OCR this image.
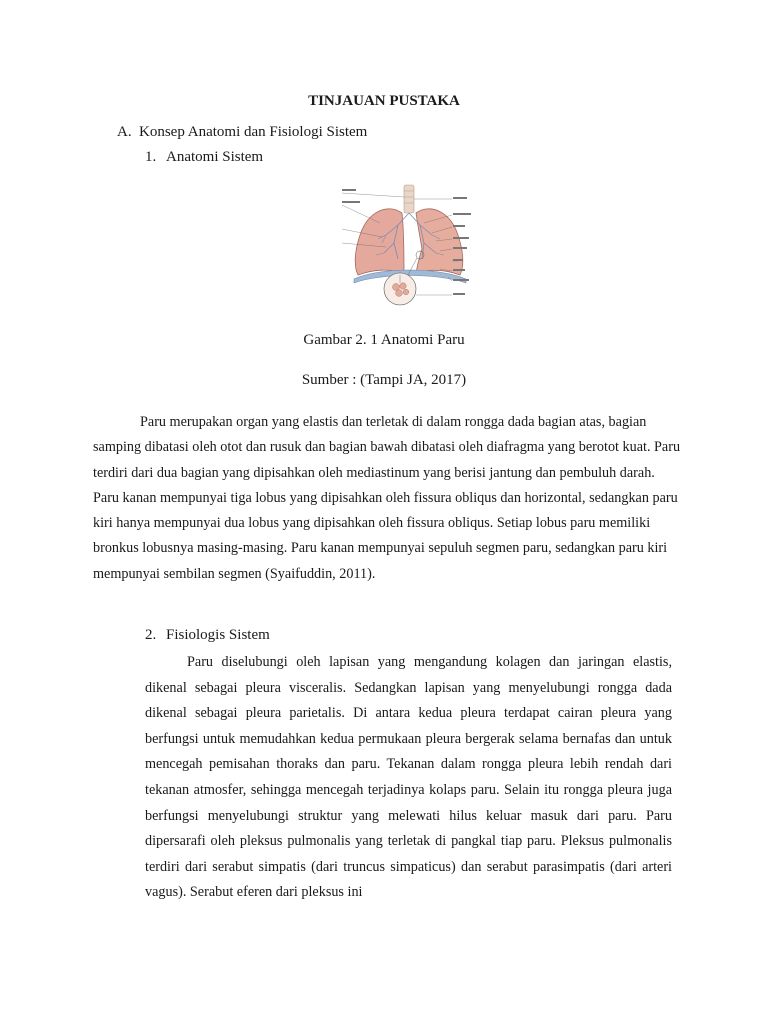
TINJAUAN PUSTAKA
A. Konsep Anatomi dan Fisiologi Sistem
1. Anatomi Sistem
Gambar 2. 1 Anatomi Paru
Sumber : (Tampi JA, 2017)

Paru merupakan organ yang elastis dan terletak di dalam rongga dada bagian atas, bagian samping dibatasi oleh otot dan rusuk dan bagian bawah dibatasi oleh diafragma yang berotot kuat. Paru terdiri dari dua bagian yang dipisahkan oleh mediastinum yang berisi jantung dan pembuluh darah. Paru kanan mempunyai tiga lobus yang dipisahkan oleh fissura obliqus dan horizontal, sedangkan paru kiri hanya mempunyai dua lobus yang dipisahkan oleh fissura obliqus. Setiap lobus paru memiliki bronkus lobusnya masing-masing. Paru kanan mempunyai sepuluh segmen paru, sedangkan paru kiri mempunyai sembilan segmen (Syaifuddin, 2011).

2. Fisiologis Sistem

Paru diselubungi oleh lapisan yang mengandung kolagen dan jaringan elastis, dikenal sebagai pleura visceralis. Sedangkan lapisan yang menyelubungi rongga dada dikenal sebagai pleura parietalis. Di antara kedua pleura terdapat cairan pleura yang berfungsi untuk memudahkan kedua permukaan pleura bergerak selama bernafas dan untuk mencegah pemisahan thoraks dan paru. Tekanan dalam rongga pleura lebih rendah dari tekanan atmosfer, sehingga mencegah terjadinya kolaps paru. Selain itu rongga pleura juga berfungsi menyelubungi struktur yang melewati hilus keluar masuk dari paru. Paru dipersarafi oleh pleksus pulmonalis yang terletak di pangkal tiap paru. Pleksus pulmonalis terdiri dari serabut simpatis (dari truncus simpaticus) dan serabut parasimpatis (dari arteri vagus). Serabut eferen dari pleksus ini
